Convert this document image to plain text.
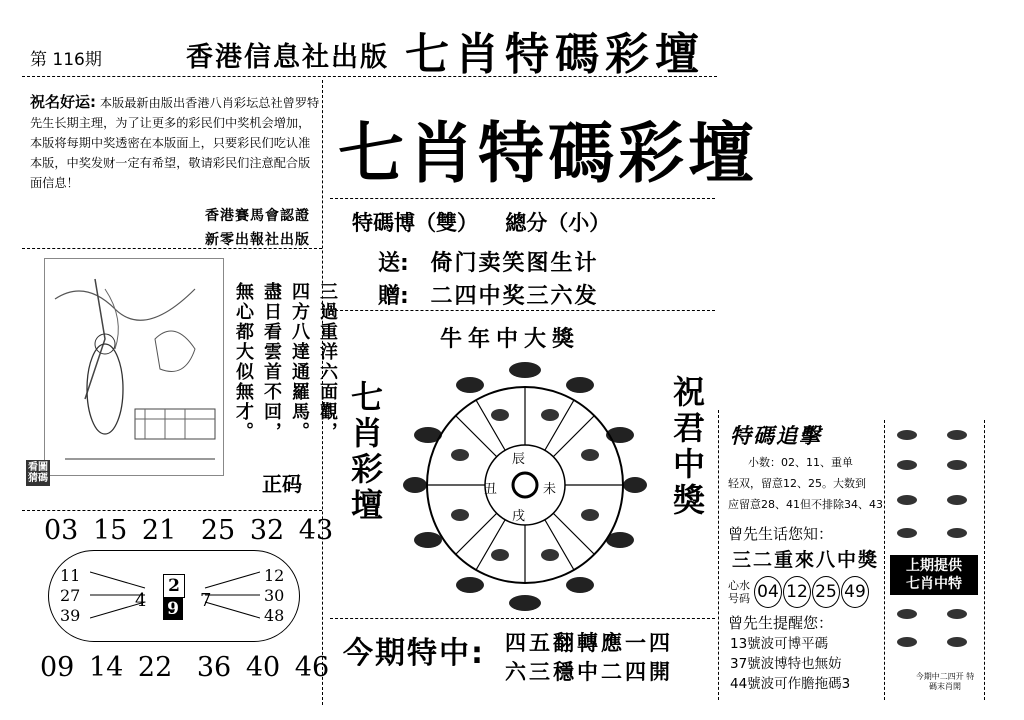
第 116期	香港信息社出版 七肖特碼彩壇
祝名好运: 本版最新由版出香港八肖彩坛总社曾罗特先生长期主理，为了让更多的彩民们中奖机会增加，本版将每期中奖透密在本版面上，只要彩民们吃认准本版，中奖发财一定有希望，敬请彩民们注意配合版面信息！
香港賽馬會認證
新零出報社出版
七肖特碼彩壇
特碼博（雙） 總分（小）
送: 倚门卖笑图生计
贈: 二四中奖三六发
三過重洋六面觀，
四方八達通羅馬。
盡日看雲首不回，
無心都大似無才。
正码
看圖猜碼
03 15 21 25 32 43
11
27
39
12
30
48
4	7
2
9
09 14 22 36 40 46
牛年中大獎
七肖彩壇	祝君中獎
辰
未
戌
丑
今期特中: 四五翻轉應一四
六三穩中二四開
特碼追擊
小数：02、11、重单
轻双，留意12、25。大数到
应留意28、41但不排除34、43
曾先生话您知：
三二重來八中獎
心水号码 04 12 25 49
曾先生提醒您：
13號波可博平碼
37號波博特也無妨
44號波可作膽拖碼3
上期提供
七肖中特
今期中二四开 特碼末肖開
